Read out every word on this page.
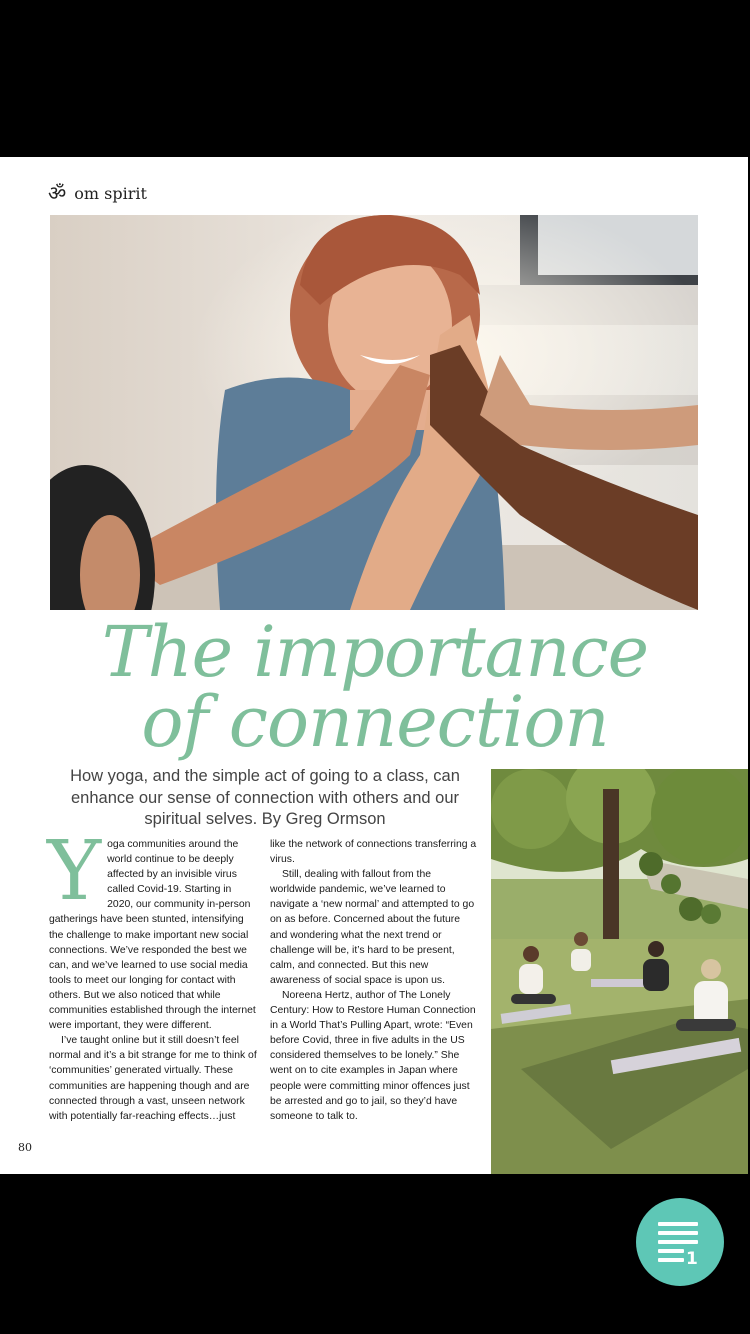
ॐ om spirit
The importance
of connection
How yoga, and the simple act of going to a class, can enhance our sense of connection with others and our spiritual selves. By Greg Ormson
Y oga communities around the world continue to be deeply affected by an invisible virus called Covid-19. Starting in 2020, our community in-person gatherings have been stunted, intensifying the challenge to make important new social connections. We’ve responded the best we can, and we’ve learned to use social media tools to meet our longing for contact with others. But we also noticed that while communities established through the internet were important, they were different.

I’ve taught online but it still doesn’t feel normal and it’s a bit strange for me to think of ‘communities’ generated virtually. These communities are happening though and are connected through a vast, unseen network with potentially far-reaching effects…just

like the network of connections transferring a virus.

Still, dealing with fallout from the worldwide pandemic, we’ve learned to navigate a ‘new normal’ and attempted to go on as before. Concerned about the future and wondering what the next trend or challenge will be, it’s hard to be present, calm, and connected. But this new awareness of social space is upon us.

Noreena Hertz, author of The Lonely Century: How to Restore Human Connection in a World That’s Pulling Apart, wrote: “Even before Covid, three in five adults in the US considered themselves to be lonely.” She went on to cite examples in Japan where people were committing minor offences just be arrested and go to jail, so they’d have someone to talk to.

80
1
